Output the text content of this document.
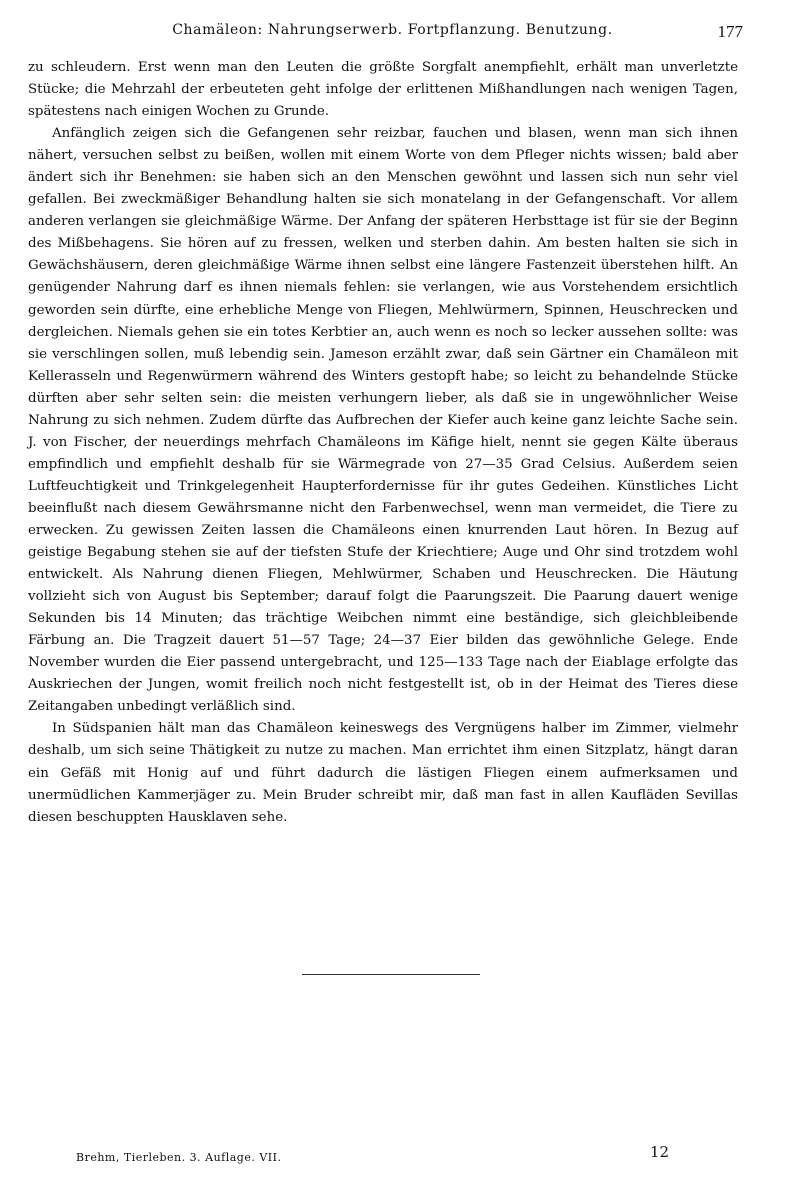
Chamäleon: Nahrungserwerb. Fortpflanzung. Benutzung.	177

zu schleudern. Erst wenn man den Leuten die größte Sorgfalt anempfiehlt, erhält man unverletzte Stücke; die Mehrzahl der erbeuteten geht infolge der erlittenen Mißhandlungen nach wenigen Tagen, spätestens nach einigen Wochen zu Grunde.

Anfänglich zeigen sich die Gefangenen sehr reizbar, fauchen und blasen, wenn man sich ihnen nähert, versuchen selbst zu beißen, wollen mit einem Worte von dem Pfleger nichts wissen; bald aber ändert sich ihr Benehmen: sie haben sich an den Menschen gewöhnt und lassen sich nun sehr viel gefallen. Bei zweckmäßiger Behandlung halten sie sich monatelang in der Gefangenschaft. Vor allem anderen verlangen sie gleichmäßige Wärme. Der Anfang der späteren Herbsttage ist für sie der Beginn des Mißbehagens. Sie hören auf zu fressen, welken und sterben dahin. Am besten halten sie sich in Gewächshäusern, deren gleichmäßige Wärme ihnen selbst eine längere Fastenzeit überstehen hilft. An genügender Nahrung darf es ihnen niemals fehlen: sie verlangen, wie aus Vorstehendem ersichtlich geworden sein dürfte, eine erhebliche Menge von Fliegen, Mehlwürmern, Spinnen, Heuschrecken und dergleichen. Niemals gehen sie ein totes Kerbtier an, auch wenn es noch so lecker aussehen sollte: was sie verschlingen sollen, muß lebendig sein. Jameson erzählt zwar, daß sein Gärtner ein Chamäleon mit Kellerasseln und Regenwürmern während des Winters gestopft habe; so leicht zu behandelnde Stücke dürften aber sehr selten sein: die meisten verhungern lieber, als daß sie in ungewöhnlicher Weise Nahrung zu sich nehmen. Zudem dürfte das Aufbrechen der Kiefer auch keine ganz leichte Sache sein. J. von Fischer, der neuerdings mehrfach Chamäleons im Käfige hielt, nennt sie gegen Kälte überaus empfindlich und empfiehlt deshalb für sie Wärmegrade von 27—35 Grad Celsius. Außerdem seien Luftfeuchtigkeit und Trinkgelegenheit Haupterfordernisse für ihr gutes Gedeihen. Künstliches Licht beeinflußt nach diesem Gewährsmanne nicht den Farbenwechsel, wenn man vermeidet, die Tiere zu erwecken. Zu gewissen Zeiten lassen die Chamäleons einen knurrenden Laut hören. In Bezug auf geistige Begabung stehen sie auf der tiefsten Stufe der Kriechtiere; Auge und Ohr sind trotzdem wohl entwickelt. Als Nahrung dienen Fliegen, Mehlwürmer, Schaben und Heuschrecken. Die Häutung vollzieht sich von August bis September; darauf folgt die Paarungszeit. Die Paarung dauert wenige Sekunden bis 14 Minuten; das trächtige Weibchen nimmt eine beständige, sich gleichbleibende Färbung an. Die Tragzeit dauert 51—57 Tage; 24—37 Eier bilden das gewöhnliche Gelege. Ende November wurden die Eier passend untergebracht, und 125—133 Tage nach der Eiablage erfolgte das Auskriechen der Jungen, womit freilich noch nicht festgestellt ist, ob in der Heimat des Tieres diese Zeitangaben unbedingt verläßlich sind.

In Südspanien hält man das Chamäleon keineswegs des Vergnügens halber im Zimmer, vielmehr deshalb, um sich seine Thätigkeit zu nutze zu machen. Man errichtet ihm einen Sitzplatz, hängt daran ein Gefäß mit Honig auf und führt dadurch die lästigen Fliegen einem aufmerksamen und unermüdlichen Kammerjäger zu. Mein Bruder schreibt mir, daß man fast in allen Kaufläden Sevillas diesen beschuppten Hausklaven sehe.

Brehm, Tierleben. 3. Auflage. VII.	12
